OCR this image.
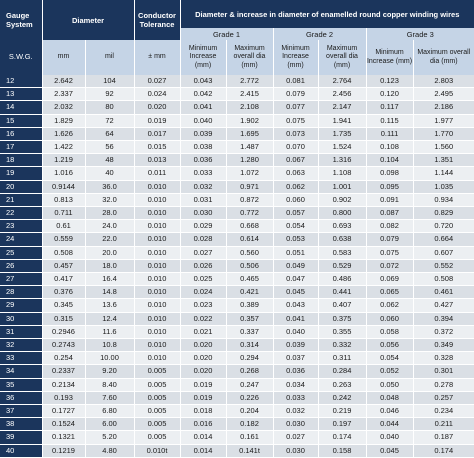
Gauge System	Diameter		Conductor Tolerance	Diameter & increase in diameter of enamelled round copper winding wires					
				Grade 1		Grade 2		Grade 3	
S.W.G.	mm	mil	± mm	Minimum Increase (mm)	Maximum overall dia (mm)	Minimum Increase (mm)	Maximum overall dia (mm)	Minimum Increase (mm)	Maximum overall dia (mm)
12	2.642	104	0.027	0.043	2.772	0.081	2.764	0.123	2.803
13	2.337	92	0.024	0.042	2.415	0.079	2.456	0.120	2.495
14	2.032	80	0.020	0.041	2.108	0.077	2.147	0.117	2.186
15	1.829	72	0.019	0.040	1.902	0.075	1.941	0.115	1.977
16	1.626	64	0.017	0.039	1.695	0.073	1.735	0.111	1.770
17	1.422	56	0.015	0.038	1.487	0.070	1.524	0.108	1.560
18	1.219	48	0.013	0.036	1.280	0.067	1.316	0.104	1.351
19	1.016	40	0.011	0.033	1.072	0.063	1.108	0.098	1.144
20	0.9144	36.0	0.010	0.032	0.971	0.062	1.001	0.095	1.035
21	0.813	32.0	0.010	0.031	0.872	0.060	0.902	0.091	0.934
22	0.711	28.0	0.010	0.030	0.772	0.057	0.800	0.087	0.829
23	0.61	24.0	0.010	0.029	0.668	0.054	0.693	0.082	0.720
24	0.559	22.0	0.010	0.028	0.614	0.053	0.638	0.079	0.664
25	0.508	20.0	0.010	0.027	0.560	0.051	0.583	0.075	0.607
26	0.457	18.0	0.010	0.026	0.506	0.049	0.529	0.072	0.552
27	0.417	16.4	0.010	0.025	0.465	0.047	0.486	0.069	0.508
28	0.376	14.8	0.010	0.024	0.421	0.045	0.441	0.065	0.461
29	0.345	13.6	0.010	0.023	0.389	0.043	0.407	0.062	0.427
30	0.315	12.4	0.010	0.022	0.357	0.041	0.375	0.060	0.394
31	0.2946	11.6	0.010	0.021	0.337	0.040	0.355	0.058	0.372
32	0.2743	10.8	0.010	0.020	0.314	0.039	0.332	0.056	0.349
33	0.254	10.00	0.010	0.020	0.294	0.037	0.311	0.054	0.328
34	0.2337	9.20	0.005	0.020	0.268	0.036	0.284	0.052	0.301
35	0.2134	8.40	0.005	0.019	0.247	0.034	0.263	0.050	0.278
36	0.193	7.60	0.005	0.019	0.226	0.033	0.242	0.048	0.257
37	0.1727	6.80	0.005	0.018	0.204	0.032	0.219	0.046	0.234
38	0.1524	6.00	0.005	0.016	0.182	0.030	0.197	0.044	0.211
39	0.1321	5.20	0.005	0.014	0.161	0.027	0.174	0.040	0.187
40	0.1219	4.80	0.010t	0.014	0.141t	0.030	0.158	0.045	0.174
